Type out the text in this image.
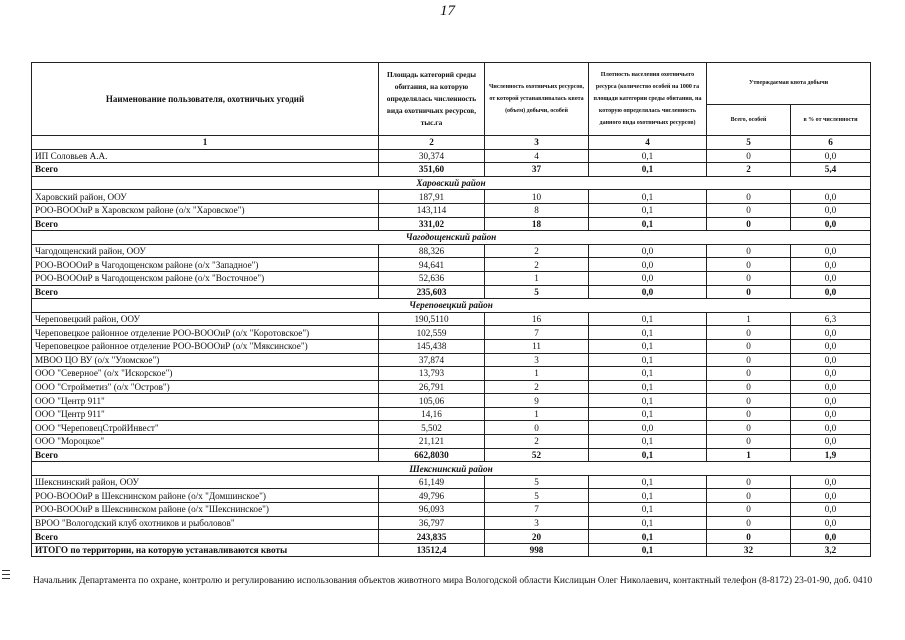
17
Наименование пользователя, охотничьих угодий	Площадь категорий среды обитания, на которую определялась численность вида охотничьих ресурсов, тыс.га	Численность охотничьих ресурсов, от которой устанавливалась квота (объем) добычи, особей	Плотность населения охотничьего ресурса (количество особей на 1000 га площади категории среды обитания, на которую определялась численность данного вида охотничьих ресурсов)	Утверждаемая квота добычи	
				Всего, особей	в % от численности
1	2	3	4	5	6
ИП Соловьев А.А.	30,374	4	0,1	0	0,0
Всего	351,60	37	0,1	2	5,4
Харовский район					
Харовский район, ООУ	187,91	10	0,1	0	0,0
РОО-ВОООиР в Харовском районе (о/х "Харовское")	143,114	8	0,1	0	0,0
Всего	331,02	18	0,1	0	0,0
Чагодощенский район					
Чагодощенский район, ООУ	88,326	2	0,0	0	0,0
РОО-ВОООиР в Чагодощенском районе (о/х "Западное")	94,641	2	0,0	0	0,0
РОО-ВОООиР в Чагодощенском районе (о/х "Восточное")	52,636	1	0,0	0	0,0
Всего	235,603	5	0,0	0	0,0
Череповецкий район					
Череповецкий район, ООУ	190,5110	16	0,1	1	6,3
Череповецкое районное отделение РОО-ВОООиР (о/х "Коротовское")	102,559	7	0,1	0	0,0
Череповецкое районное отделение РОО-ВОООиР (о/х "Мяксинское")	145,438	11	0,1	0	0,0
МВОО ЦО ВУ (о/х "Уломское")	37,874	3	0,1	0	0,0
ООО "Северное" (о/х "Искорское")	13,793	1	0,1	0	0,0
ООО "Стройметиз" (о/х "Остров")	26,791	2	0,1	0	0,0
ООО "Центр 911"	105,06	9	0,1	0	0,0
ООО "Центр 911"	14,16	1	0,1	0	0,0
ООО "ЧереповецСтройИнвест"	5,502	0	0,0	0	0,0
ООО "Мороцкое"	21,121	2	0,1	0	0,0
Всего	662,8030	52	0,1	1	1,9
Шекснинский район					
Шекснинский район, ООУ	61,149	5	0,1	0	0,0
РОО-ВОООиР в Шекснинском районе (о/х "Домшинское")	49,796	5	0,1	0	0,0
РОО-ВОООиР в Шекснинском районе (о/х "Шекснинское")	96,093	7	0,1	0	0,0
ВРОО "Вологодский клуб охотников и рыболовов"	36,797	3	0,1	0	0,0
Всего	243,835	20	0,1	0	0,0
ИТОГО по территории, на которую устанавливаются квоты	13512,4	998	0,1	32	3,2
Начальник Департамента по охране, контролю и регулированию использования объектов животного мира Вологодской области Кислицын Олег Николаевич, контактный телефон (8-8172) 23-01-90, доб. 0410
